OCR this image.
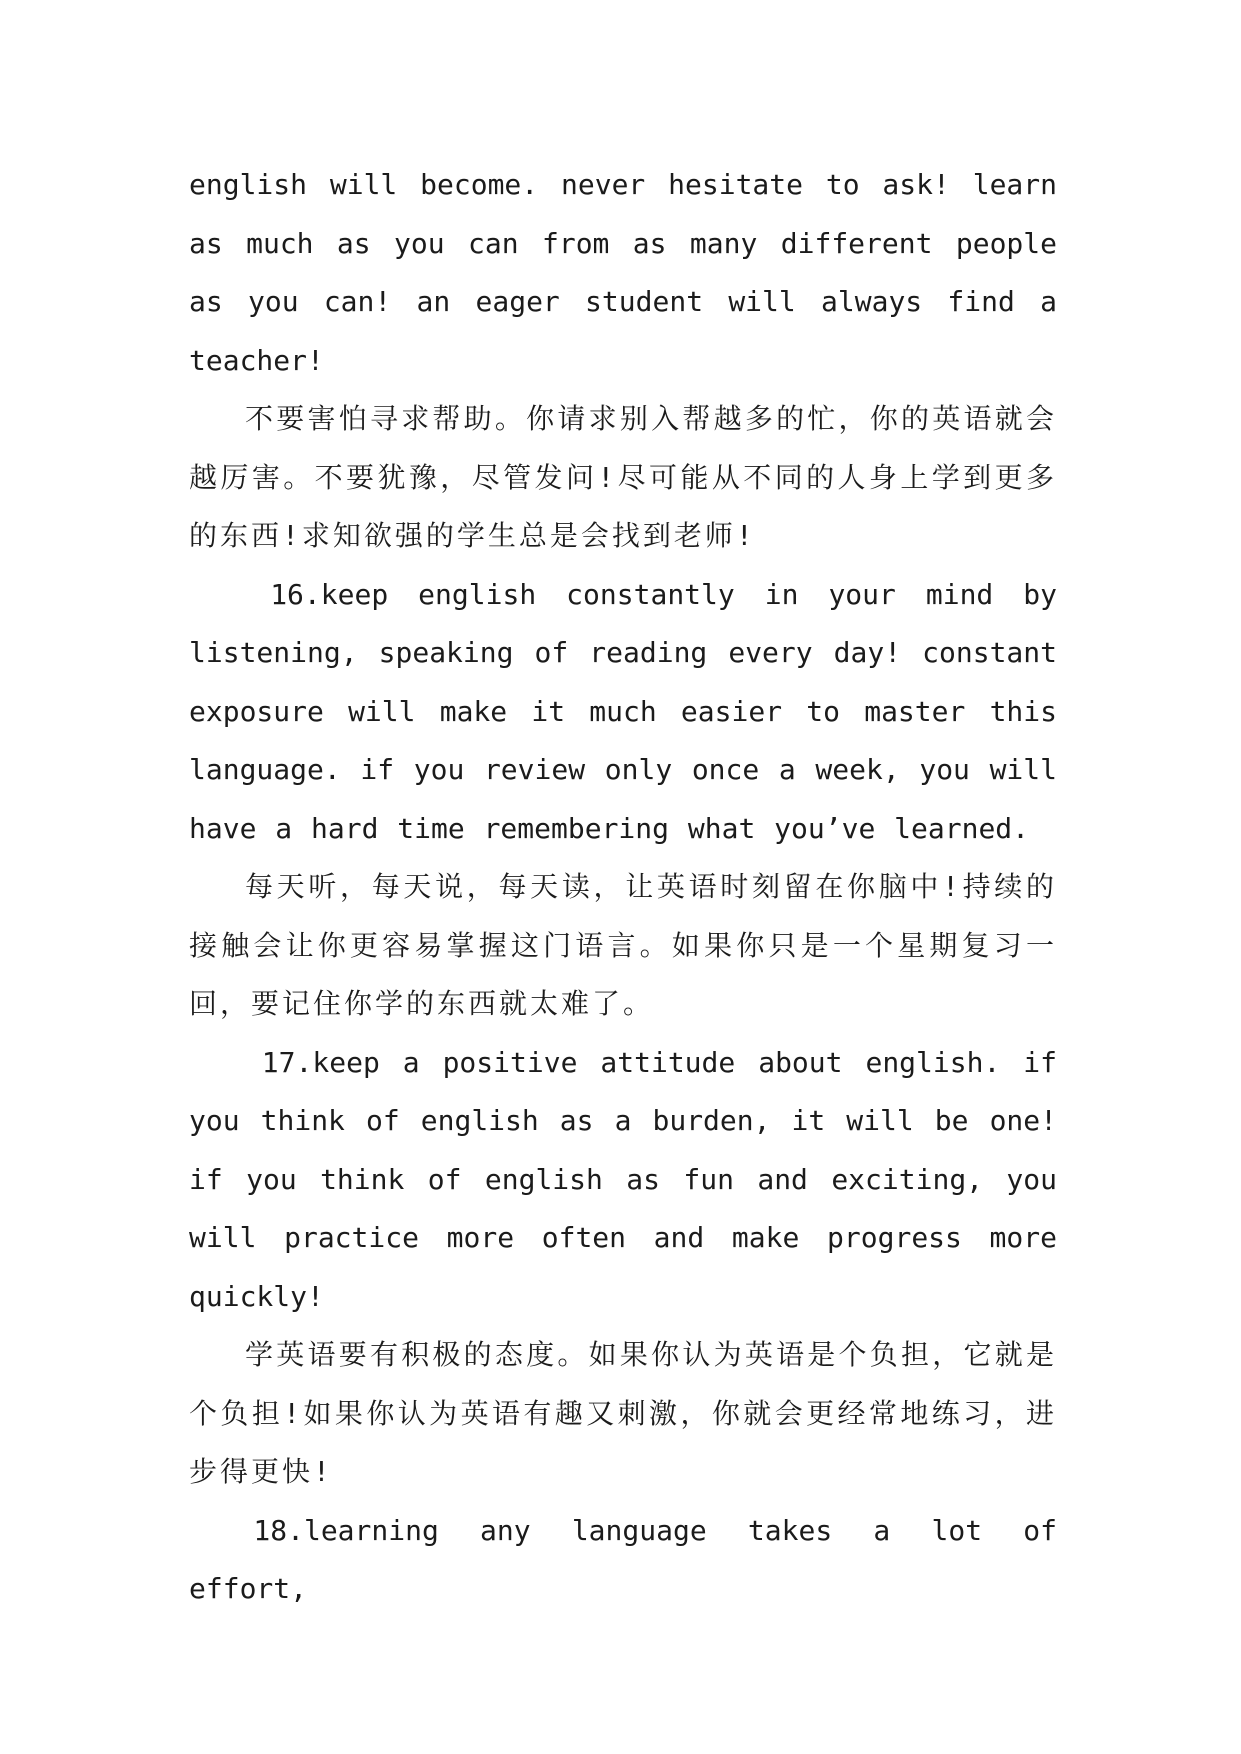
english will become. never hesitate to ask! learn as much as you can from as many different people as you can! an eager student will always find a teacher!

不要害怕寻求帮助。你请求别入帮越多的忙，你的英语就会越厉害。不要犹豫，尽管发问!尽可能从不同的人身上学到更多的东西!求知欲强的学生总是会找到老师!

16.keep english constantly in your mind by listening, speaking of reading every day! constant exposure will make it much easier to master this language. if you review only once a week, you will have a hard time remembering what you’ve learned.

每天听，每天说，每天读，让英语时刻留在你脑中!持续的接触会让你更容易掌握这门语言。如果你只是一个星期复习一回，要记住你学的东西就太难了。

17.keep a positive attitude about english. if you think of english as a burden, it will be one! if you think of english as fun and exciting, you will practice more often and make progress more quickly!

学英语要有积极的态度。如果你认为英语是个负担，它就是个负担!如果你认为英语有趣又刺激，你就会更经常地练习，进步得更快!

18.learning any language takes a lot of effort,
